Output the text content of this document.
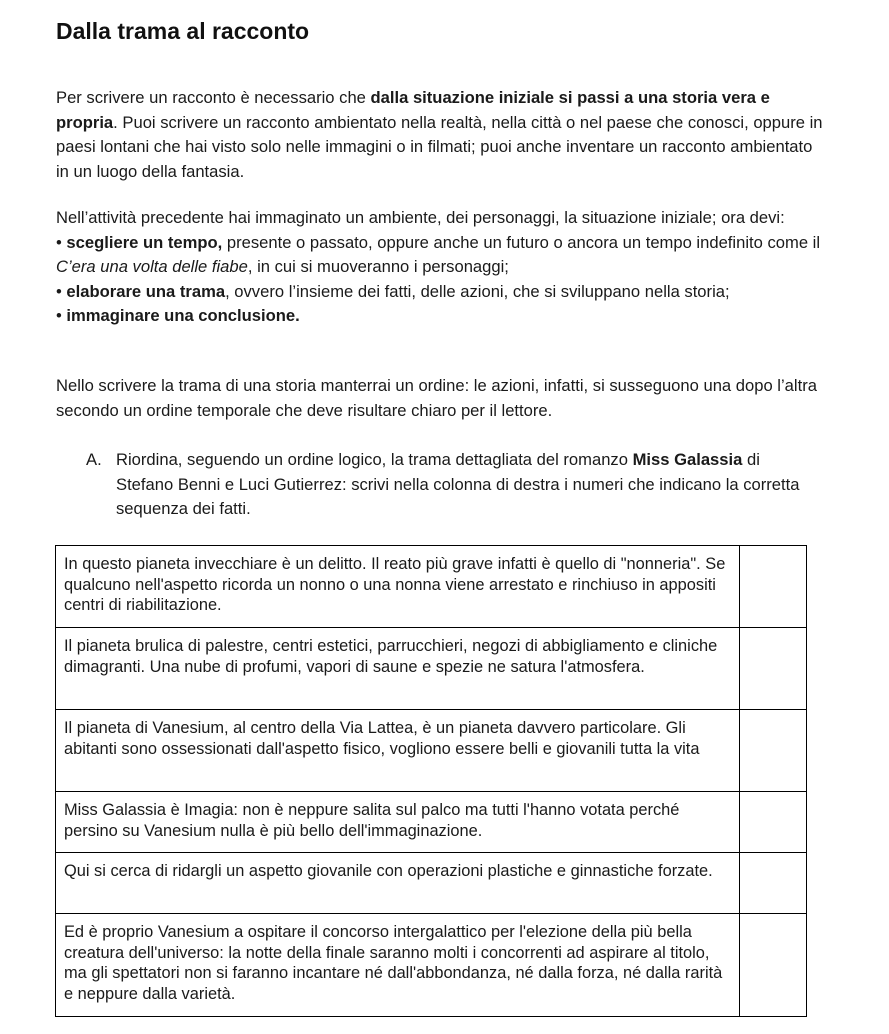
Dalla trama al racconto

Per scrivere un racconto è necessario che dalla situazione iniziale si passi a una storia vera e propria. Puoi scrivere un racconto ambientato nella realtà, nella città o nel paese che conosci, oppure in paesi lontani che hai visto solo nelle immagini o in filmati; puoi anche inventare un racconto ambientato in un luogo della fantasia.

Nell’attività precedente hai immaginato un ambiente, dei personaggi, la situazione iniziale; ora devi:
• scegliere un tempo, presente o passato, oppure anche un futuro o ancora un tempo indefinito come il C’era una volta delle fiabe, in cui si muoveranno i personaggi;
• elaborare una trama, ovvero l’insieme dei fatti, delle azioni, che si sviluppano nella storia;
• immaginare una conclusione.

Nello scrivere la trama di una storia manterrai un ordine: le azioni, infatti, si susseguono una dopo l’altra secondo un ordine temporale che deve risultare chiaro per il lettore.

A. Riordina, seguendo un ordine logico, la trama dettagliata del romanzo Miss Galassia di Stefano Benni e Luci Gutierrez: scrivi nella colonna di destra i numeri che indicano la corretta sequenza dei fatti.
In questo pianeta invecchiare è un delitto. Il reato più grave infatti è quello di "nonneria". Se qualcuno nell'aspetto ricorda un nonno o una nonna viene arrestato e rinchiuso in appositi centri di riabilitazione.	

Il pianeta brulica di palestre, centri estetici, parrucchieri, negozi di abbigliamento e cliniche dimagranti. Una nube di profumi, vapori di saune e spezie ne satura l'atmosfera.	

Il pianeta di Vanesium, al centro della Via Lattea, è un pianeta davvero particolare. Gli abitanti sono ossessionati dall'aspetto fisico, vogliono essere belli e giovanili tutta la vita	

Miss Galassia è Imagia: non è neppure salita sul palco ma tutti l'hanno votata perché persino su Vanesium nulla è più bello dell'immaginazione.	

Qui si cerca di ridargli un aspetto giovanile con operazioni plastiche e ginnastiche forzate.	

Ed è proprio Vanesium a ospitare il concorso intergalattico per l'elezione della più bella creatura dell'universo: la notte della finale saranno molti i concorrenti ad aspirare al titolo, ma gli spettatori non si faranno incantare né dall'abbondanza, né dalla forza, né dalla rarità e neppure dalla varietà.	
